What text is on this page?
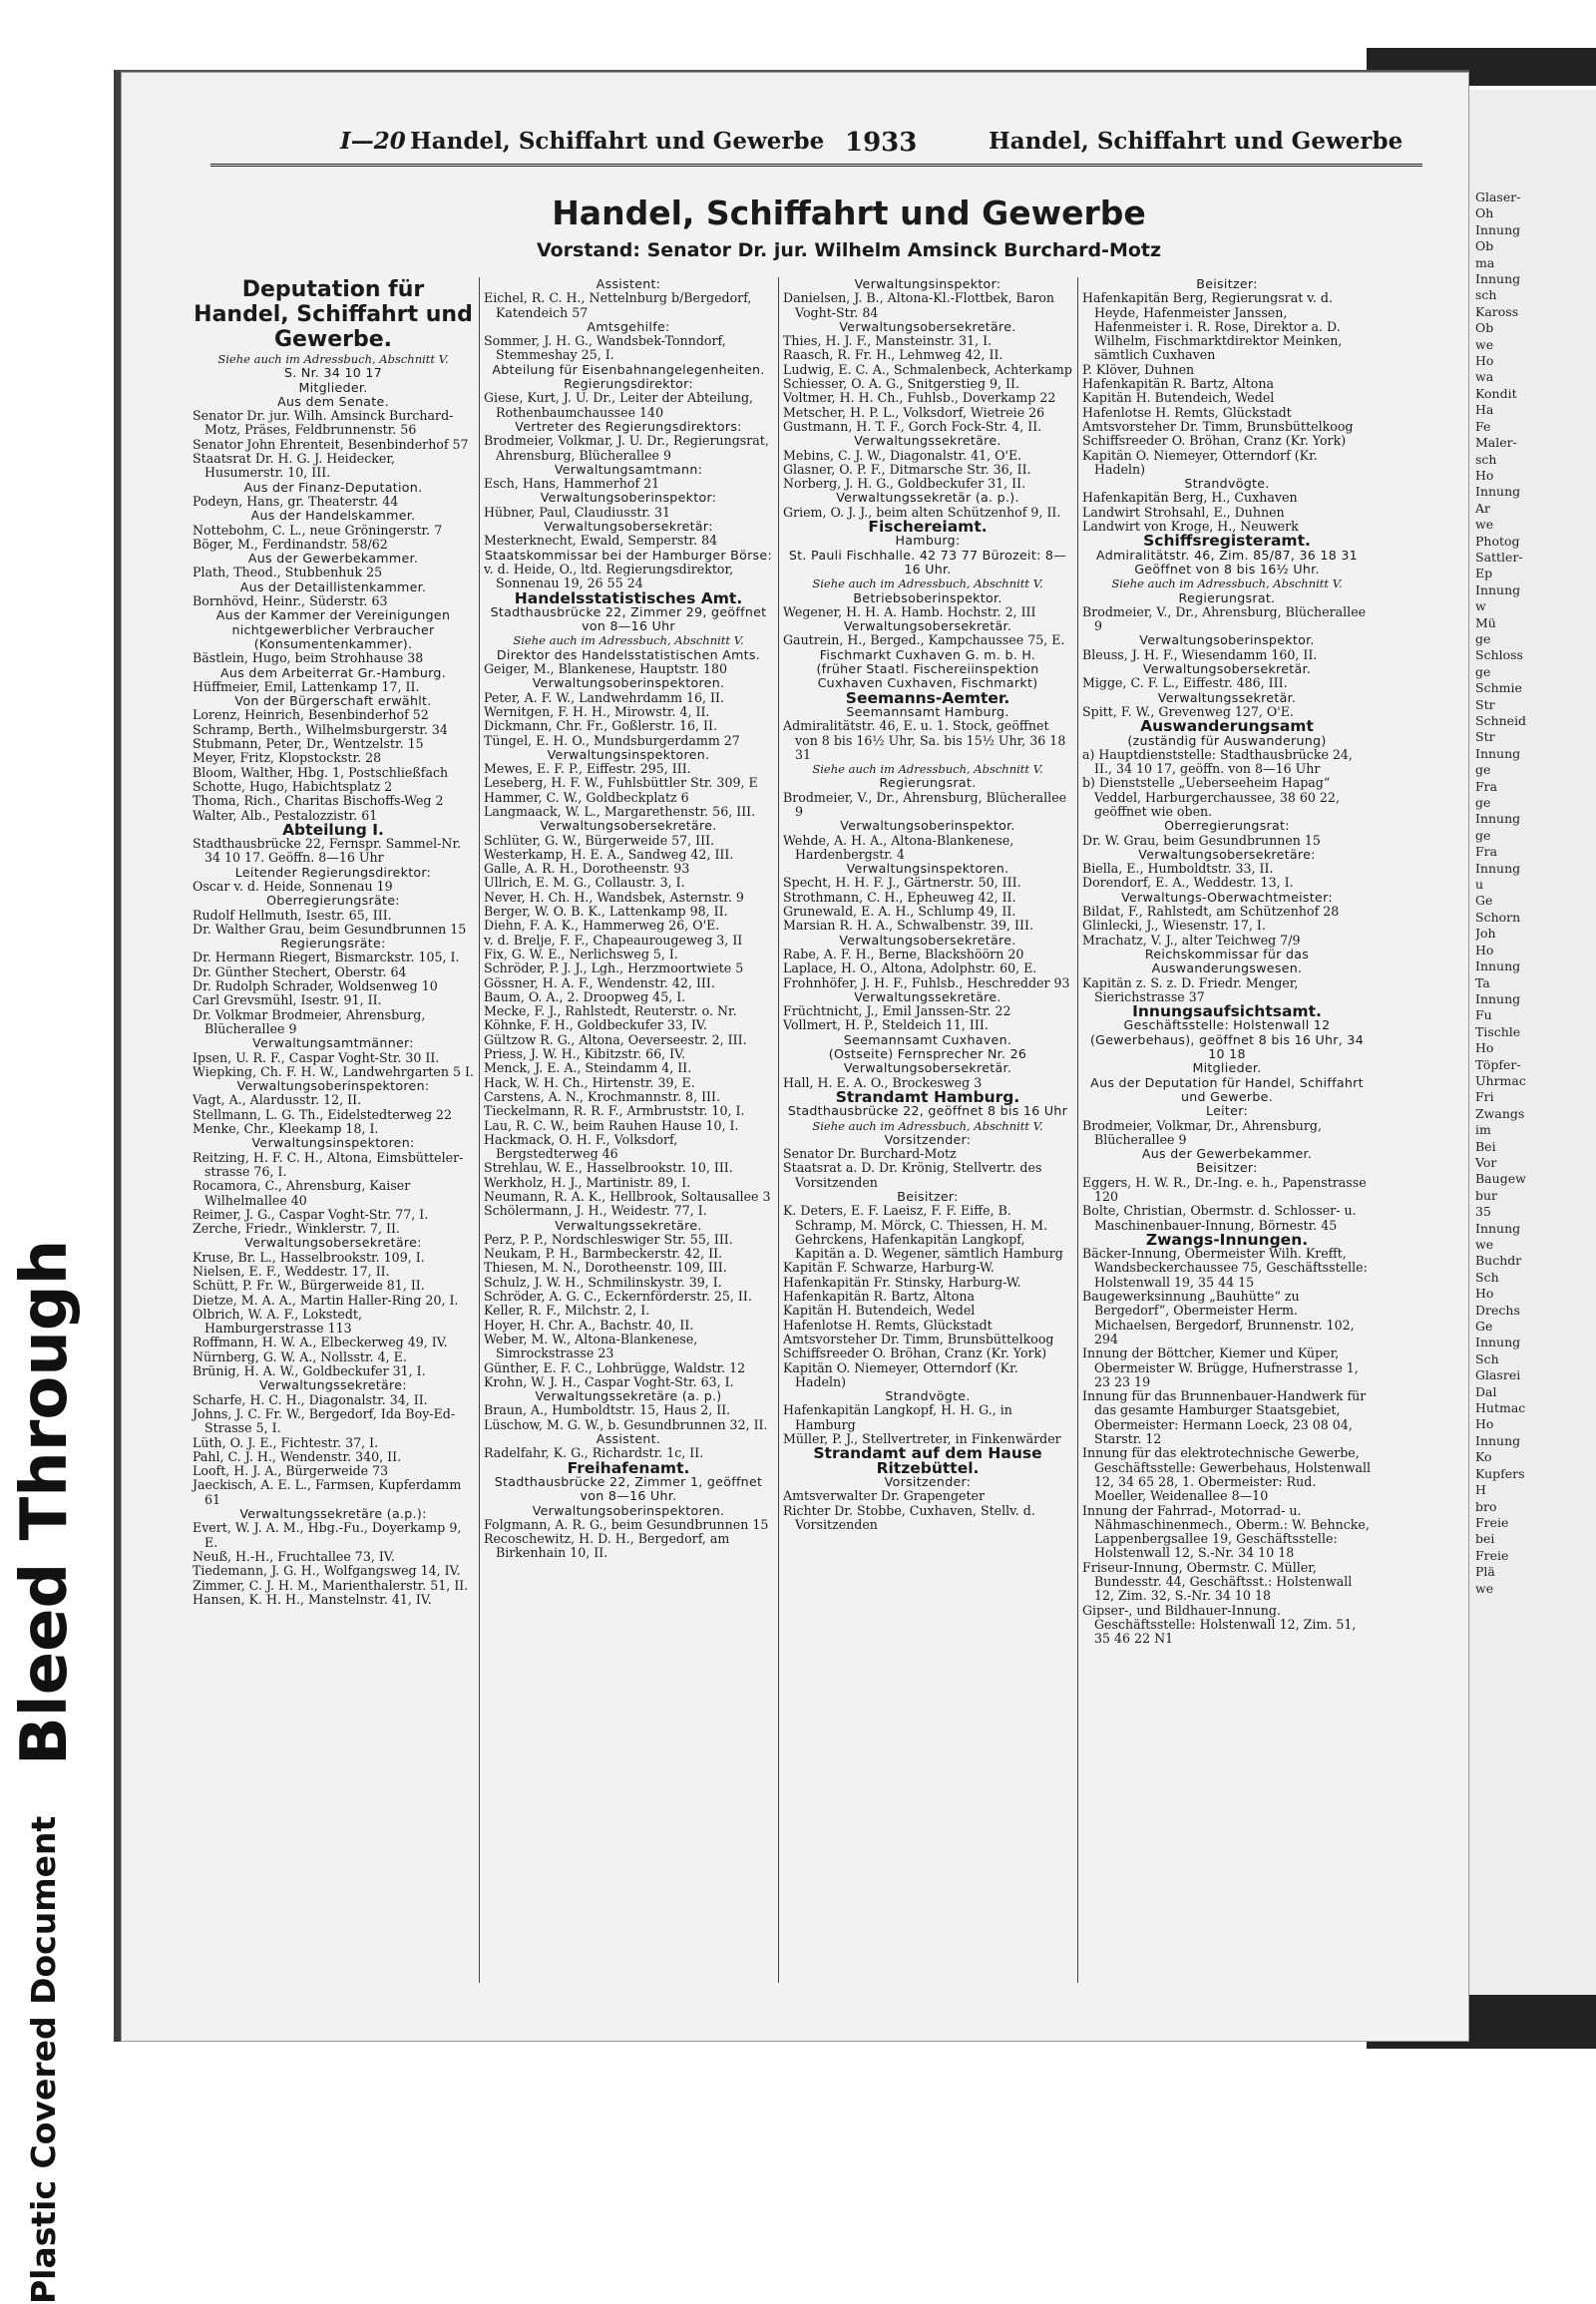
Bleed Through
Plastic Covered Document
Glaser-
Oh
Innung
Ob
ma
Innung
sch
Kaross
Ob
we
Ho
wa
Kondit
Ha
Fe
Maler-
sch
Ho
Innung
Ar
we
Photog
Sattler-
Ep
Innung
w
Mü
ge
Schloss
ge
Schmie
Str
Schneid
Str
Innung
ge
Fra
ge
Innung
ge
Fra
Innung
u
Ge
Schorn
Joh
Ho
Innung
Ta
Innung
Fu
Tischle
Ho
Töpfer-
Uhrmac
Fri
Zwangs
im
Bei
Vor
Baugew
bur
35
Innung
we
Buchdr
Sch
Ho
Drechs
Ge
Innung
Sch
Glasrei
Dal
Hutmac
Ho
Innung
Ko
Kupfers
H
bro
Freie
bei
Freie
Plä
we
I—20 Handel, Schiffahrt und Gewerbe 1933	Handel, Schiffahrt und Gewerbe
Handel, Schiffahrt und Gewerbe
Vorstand: Senator Dr. jur. Wilhelm Amsinck Burchard-Motz

Deputation für Handel, Schiffahrt und Gewerbe.

Siehe auch im Adressbuch, Abschnitt V.

S. Nr. 34 10 17

Mitglieder.

Aus dem Senate.

Senator Dr. jur. Wilh. Amsinck Burchard-Motz, Präses, Feldbrunnenstr. 56

Senator John Ehrenteit, Besenbinderhof 57

Staatsrat Dr. H. G. J. Heidecker, Husumerstr. 10, III.

Aus der Finanz-Deputation.

Podeyn, Hans, gr. Theaterstr. 44

Aus der Handelskammer.

Nottebohm, C. L., neue Gröningerstr. 7

Böger, M., Ferdinandstr. 58/62

Aus der Gewerbekammer.

Plath, Theod., Stubbenhuk 25

Aus der Detaillistenkammer.

Bornhövd, Heinr., Süderstr. 63

Aus der Kammer der Vereinigungen nichtgewerblicher Verbraucher (Konsumentenkammer).

Bästlein, Hugo, beim Strohhause 38

Aus dem Arbeiterrat Gr.-Hamburg.

Hüffmeier, Emil, Lattenkamp 17, II.

Von der Bürgerschaft erwählt.

Lorenz, Heinrich, Besenbinderhof 52

Schramp, Berth., Wilhelmsburgerstr. 34

Stubmann, Peter, Dr., Wentzelstr. 15

Meyer, Fritz, Klopstockstr. 28

Bloom, Walther, Hbg. 1, Postschließfach

Schotte, Hugo, Habichtsplatz 2

Thoma, Rich., Charitas Bischoffs-Weg 2

Walter, Alb., Pestalozzistr. 61

Abteilung I.

Stadthausbrücke 22, Fernspr. Sammel-Nr. 34 10 17. Geöffn. 8—16 Uhr

Leitender Regierungsdirektor:

Oscar v. d. Heide, Sonnenau 19

Oberregierungsräte:

Rudolf Hellmuth, Isestr. 65, III.

Dr. Walther Grau, beim Gesundbrunnen 15

Regierungsräte:

Dr. Hermann Riegert, Bismarckstr. 105, I.

Dr. Günther Stechert, Oberstr. 64

Dr. Rudolph Schrader, Woldsenweg 10

Carl Grevsmühl, Isestr. 91, II.

Dr. Volkmar Brodmeier, Ahrensburg, Blücherallee 9

Verwaltungsamtmänner:

Ipsen, U. R. F., Caspar Voght-Str. 30 II.

Wiepking, Ch. F. H. W., Landwehrgarten 5 I.

Verwaltungsoberinspektoren:

Vagt, A., Alardusstr. 12, II.

Stellmann, L. G. Th., Eidelstedterweg 22

Menke, Chr., Kleekamp 18, I.

Verwaltungsinspektoren:

Reitzing, H. F. C. H., Altona, Eimsbütteler-strasse 76, I.

Rocamora, C., Ahrensburg, Kaiser Wilhelmallee 40

Reimer, J. G., Caspar Voght-Str. 77, I.

Zerche, Friedr., Winklerstr. 7, II.

Verwaltungsobersekretäre:

Kruse, Br. L., Hasselbrookstr. 109, I.

Nielsen, E. F., Weddestr. 17, II.

Schütt, P. Fr. W., Bürgerweide 81, II.

Dietze, M. A. A., Martin Haller-Ring 20, I.

Olbrich, W. A. F., Lokstedt, Hamburgerstrasse 113

Roffmann, H. W. A., Elbeckerweg 49, IV.

Nürnberg, G. W. A., Nollsstr. 4, E.

Brünig, H. A. W., Goldbeckufer 31, I.

Verwaltungssekretäre:

Scharfe, H. C. H., Diagonalstr. 34, II.

Johns, J. C. Fr. W., Bergedorf, Ida Boy-Ed-Strasse 5, I.

Lüth, O. J. E., Fichtestr. 37, I.

Pahl, C. J. H., Wendenstr. 340, II.

Looft, H. J. A., Bürgerweide 73

Jaeckisch, A. E. L., Farmsen, Kupferdamm 61

Verwaltungssekretäre (a.p.):

Evert, W. J. A. M., Hbg.-Fu., Doyerkamp 9, E.

Neuß, H.-H., Fruchtallee 73, IV.

Tiedemann, J. G. H., Wolfgangsweg 14, IV.

Zimmer, C. J. H. M., Marienthalerstr. 51, II.

Hansen, K. H. H., Manstelnstr. 41, IV.

Assistent:

Eichel, R. C. H., Nettelnburg b/Bergedorf, Katendeich 57

Amtsgehilfe:

Sommer, J. H. G., Wandsbek-Tonndorf, Stemmeshay 25, I.

Abteilung für Eisenbahnangelegenheiten.

Regierungsdirektor:

Giese, Kurt, J. U. Dr., Leiter der Abteilung, Rothenbaumchaussee 140

Vertreter des Regierungsdirektors:

Brodmeier, Volkmar, J. U. Dr., Regierungsrat, Ahrensburg, Blücherallee 9

Verwaltungsamtmann:

Esch, Hans, Hammerhof 21

Verwaltungsoberinspektor:

Hübner, Paul, Claudiusstr. 31

Verwaltungsobersekretär:

Mesterknecht, Ewald, Semperstr. 84

Staatskommissar bei der Hamburger Börse:

v. d. Heide, O., ltd. Regierungsdirektor, Sonnenau 19, 26 55 24

Handelsstatistisches Amt.

Stadthausbrücke 22, Zimmer 29, geöffnet von 8—16 Uhr

Siehe auch im Adressbuch, Abschnitt V.

Direktor des Handelsstatistischen Amts.

Geiger, M., Blankenese, Hauptstr. 180

Verwaltungsoberinspektoren.

Peter, A. F. W., Landwehrdamm 16, II.

Wernitgen, F. H. H., Mirowstr. 4, II.

Dickmann, Chr. Fr., Goßlerstr. 16, II.

Tüngel, E. H. O., Mundsburgerdamm 27

Verwaltungsinspektoren.

Mewes, E. F. P., Eiffestr. 295, III.

Leseberg, H. F. W., Fuhlsbüttler Str. 309, E

Hammer, C. W., Goldbeckplatz 6

Langmaack, W. L., Margarethenstr. 56, III.

Verwaltungsobersekretäre.

Schlüter, G. W., Bürgerweide 57, III.

Westerkamp, H. E. A., Sandweg 42, III.

Galle, A. R. H., Dorotheenstr. 93

Ullrich, E. M. G., Collaustr. 3, I.

Never, H. Ch. H., Wandsbek, Asternstr. 9

Berger, W. O. B. K., Lattenkamp 98, II.

Diehn, F. A. K., Hammerweg 26, O'E.

v. d. Brelje, F. F., Chapeaurougeweg 3, II

Fix, G. W. E., Nerlichsweg 5, I.

Schröder, P. J. J., Lgh., Herzmoortwiete 5

Gössner, H. A. F., Wendenstr. 42, III.

Baum, O. A., 2. Droopweg 45, I.

Mecke, F. J., Rahlstedt, Reuterstr. o. Nr.

Köhnke, F. H., Goldbeckufer 33, IV.

Gültzow R. G., Altona, Oeverseestr. 2, III.

Priess, J. W. H., Kibitzstr. 66, IV.

Menck, J. E. A., Steindamm 4, II.

Hack, W. H. Ch., Hirtenstr. 39, E.

Carstens, A. N., Krochmannstr. 8, III.

Tieckelmann, R. R. F., Armbruststr. 10, I.

Lau, R. C. W., beim Rauhen Hause 10, I.

Hackmack, O. H. F., Volksdorf, Bergstedterweg 46

Strehlau, W. E., Hasselbrookstr. 10, III.

Werkholz, H. J., Martinistr. 89, I.

Neumann, R. A. K., Hellbrook, Soltausallee 3

Schölermann, J. H., Weidestr. 77, I.

Verwaltungssekretäre.

Perz, P. P., Nordschleswiger Str. 55, III.

Neukam, P. H., Barmbeckerstr. 42, II.

Thiesen, M. N., Dorotheenstr. 109, III.

Schulz, J. W. H., Schmilinskystr. 39, I.

Schröder, A. G. C., Eckernförderstr. 25, II.

Keller, R. F., Milchstr. 2, I.

Hoyer, H. Chr. A., Bachstr. 40, II.

Weber, M. W., Altona-Blankenese, Simrockstrasse 23

Günther, E. F. C., Lohbrügge, Waldstr. 12

Krohn, W. J. H., Caspar Voght-Str. 63, I.

Verwaltungssekretäre (a. p.)

Braun, A., Humboldtstr. 15, Haus 2, II.

Lüschow, M. G. W., b. Gesundbrunnen 32, II.

Assistent.

Radelfahr, K. G., Richardstr. 1c, II.

Freihafenamt.

Stadthausbrücke 22, Zimmer 1, geöffnet von 8—16 Uhr.

Verwaltungsoberinspektoren.

Folgmann, A. R. G., beim Gesundbrunnen 15

Recoschewitz, H. D. H., Bergedorf, am Birkenhain 10, II.

Verwaltungsinspektor:

Danielsen, J. B., Altona-Kl.-Flottbek, Baron Voght-Str. 84

Verwaltungsobersekretäre.

Thies, H. J. F., Mansteinstr. 31, I.

Raasch, R. Fr. H., Lehmweg 42, II.

Ludwig, E. C. A., Schmalenbeck, Achterkamp

Schiesser, O. A. G., Snitgerstieg 9, II.

Voltmer, H. H. Ch., Fuhlsb., Doverkamp 22

Metscher, H. P. L., Volksdorf, Wietreie 26

Gustmann, H. T. F., Gorch Fock-Str. 4, II.

Verwaltungssekretäre.

Mebins, C. J. W., Diagonalstr. 41, O'E.

Glasner, O. P. F., Ditmarsche Str. 36, II.

Norberg, J. H. G., Goldbeckufer 31, II.

Verwaltungssekretär (a. p.).

Griem, O. J. J., beim alten Schützenhof 9, II.

Fischereiamt.

Hamburg:

St. Pauli Fischhalle. 42 73 77 Bürozeit: 8—16 Uhr.

Siehe auch im Adressbuch, Abschnitt V.

Betriebsoberinspektor.

Wegener, H. H. A. Hamb. Hochstr. 2, III

Verwaltungsobersekretär.

Gautrein, H., Berged., Kampchaussee 75, E.

Fischmarkt Cuxhaven G. m. b. H.

(früher Staatl. Fischereiinspektion Cuxhaven Cuxhaven, Fischmarkt)

Seemanns-Aemter.

Seemannsamt Hamburg.

Admiralitätstr. 46, E. u. 1. Stock, geöffnet von 8 bis 16½ Uhr, Sa. bis 15½ Uhr, 36 18 31

Siehe auch im Adressbuch, Abschnitt V.

Regierungsrat.

Brodmeier, V., Dr., Ahrensburg, Blücherallee 9

Verwaltungsoberinspektor.

Wehde, A. H. A., Altona-Blankenese, Hardenbergstr. 4

Verwaltungsinspektoren.

Specht, H. H. F. J., Gärtnerstr. 50, III.

Strothmann, C. H., Epheuweg 42, II.

Grunewald, E. A. H., Schlump 49, II.

Marsian R. H. A., Schwalbenstr. 39, III.

Verwaltungsobersekretäre.

Rabe, A. F. H., Berne, Blackshöörn 20

Laplace, H. O., Altona, Adolphstr. 60, E.

Frohnhöfer, J. H. F., Fuhlsb., Heschredder 93

Verwaltungssekretäre.

Früchtnicht, J., Emil Janssen-Str. 22

Vollmert, H. P., Steldeich 11, III.

Seemannsamt Cuxhaven.

(Ostseite) Fernsprecher Nr. 26

Verwaltungsobersekretär.

Hall, H. E. A. O., Brockesweg 3

Strandamt Hamburg.

Stadthausbrücke 22, geöffnet 8 bis 16 Uhr

Siehe auch im Adressbuch, Abschnitt V.

Vorsitzender:

Senator Dr. Burchard-Motz

Staatsrat a. D. Dr. Krönig, Stellvertr. des Vorsitzenden

Beisitzer:

K. Deters, E. F. Laeisz, F. F. Eiffe, B. Schramp, M. Mörck, C. Thiessen, H. M. Gehrckens, Hafenkapitän Langkopf, Kapitän a. D. Wegener, sämtlich Hamburg

Kapitän F. Schwarze, Harburg-W.

Hafenkapitän Fr. Stinsky, Harburg-W.

Hafenkapitän R. Bartz, Altona

Kapitän H. Butendeich, Wedel

Hafenlotse H. Remts, Glückstadt

Amtsvorsteher Dr. Timm, Brunsbüttelkoog

Schiffsreeder O. Bröhan, Cranz (Kr. York)

Kapitän O. Niemeyer, Otterndorf (Kr. Hadeln)

Strandvögte.

Hafenkapitän Langkopf, H. H. G., in Hamburg

Müller, P. J., Stellvertreter, in Finkenwärder

Strandamt auf dem Hause Ritzebüttel.

Vorsitzender:

Amtsverwalter Dr. Grapengeter

Richter Dr. Stobbe, Cuxhaven, Stellv. d. Vorsitzenden

Beisitzer:

Hafenkapitän Berg, Regierungsrat v. d. Heyde, Hafenmeister Janssen, Hafenmeister i. R. Rose, Direktor a. D. Wilhelm, Fischmarktdirektor Meinken, sämtlich Cuxhaven

P. Klöver, Duhnen

Hafenkapitän R. Bartz, Altona

Kapitän H. Butendeich, Wedel

Hafenlotse H. Remts, Glückstadt

Amtsvorsteher Dr. Timm, Brunsbüttelkoog

Schiffsreeder O. Bröhan, Cranz (Kr. York)

Kapitän O. Niemeyer, Otterndorf (Kr. Hadeln)

Strandvögte.

Hafenkapitän Berg, H., Cuxhaven

Landwirt Strohsahl, E., Duhnen

Landwirt von Kroge, H., Neuwerk

Schiffsregisteramt.

Admiralitätstr. 46, Zim. 85/87, 36 18 31 Geöffnet von 8 bis 16½ Uhr.

Siehe auch im Adressbuch, Abschnitt V.

Regierungsrat.

Brodmeier, V., Dr., Ahrensburg, Blücherallee 9

Verwaltungsoberinspektor.

Bleuss, J. H. F., Wiesendamm 160, II.

Verwaltungsobersekretär.

Migge, C. F. L., Eiffestr. 486, III.

Verwaltungssekretär.

Spitt, F. W., Grevenweg 127, O'E.

Auswanderungsamt

(zuständig für Auswanderung)

a) Hauptdienststelle: Stadthausbrücke 24, II., 34 10 17, geöffn. von 8—16 Uhr

b) Dienststelle „Ueberseeheim Hapag“ Veddel, Harburgerchaussee, 38 60 22, geöffnet wie oben.

Oberregierungsrat:

Dr. W. Grau, beim Gesundbrunnen 15

Verwaltungsobersekretäre:

Biella, E., Humboldtstr. 33, II.

Dorendorf, E. A., Weddestr. 13, I.

Verwaltungs-Oberwachtmeister:

Bildat, F., Rahlstedt, am Schützenhof 28

Glinlecki, J., Wiesenstr. 17, I.

Mrachatz, V. J., alter Teichweg 7/9

Reichskommissar für das Auswanderungswesen.

Kapitän z. S. z. D. Friedr. Menger, Sierichstrasse 37

Innungsaufsichtsamt.

Geschäftsstelle: Holstenwall 12 (Gewerbehaus), geöffnet 8 bis 16 Uhr, 34 10 18

Mitglieder.

Aus der Deputation für Handel, Schiffahrt und Gewerbe.

Leiter:

Brodmeier, Volkmar, Dr., Ahrensburg, Blücherallee 9

Aus der Gewerbekammer.

Beisitzer:

Eggers, H. W. R., Dr.-Ing. e. h., Papenstrasse 120

Bolte, Christian, Obermstr. d. Schlosser- u. Maschinenbauer-Innung, Börnestr. 45

Zwangs-Innungen.

Bäcker-Innung, Obermeister Wilh. Krefft, Wandsbeckerchaussee 75, Geschäftsstelle: Holstenwall 19, 35 44 15

Baugewerksinnung „Bauhütte“ zu Bergedorf“, Obermeister Herm. Michaelsen, Bergedorf, Brunnenstr. 102, 294

Innung der Böttcher, Kiemer und Küper, Obermeister W. Brügge, Hufnerstrasse 1, 23 23 19

Innung für das Brunnenbauer-Handwerk für das gesamte Hamburger Staatsgebiet, Obermeister: Hermann Loeck, 23 08 04, Starstr. 12

Innung für das elektrotechnische Gewerbe, Geschäftsstelle: Gewerbehaus, Holstenwall 12, 34 65 28, 1. Obermeister: Rud. Moeller, Weidenallee 8—10

Innung der Fahrrad-, Motorrad- u. Nähmaschinenmech., Oberm.: W. Behncke, Lappenbergsallee 19, Geschäftsstelle: Holstenwall 12, S.-Nr. 34 10 18

Friseur-Innung, Obermstr. C. Müller, Bundesstr. 44, Geschäftsst.: Holstenwall 12, Zim. 32, S.-Nr. 34 10 18

Gipser-, und Bildhauer-Innung. Geschäftsstelle: Holstenwall 12, Zim. 51, 35 46 22 N1
